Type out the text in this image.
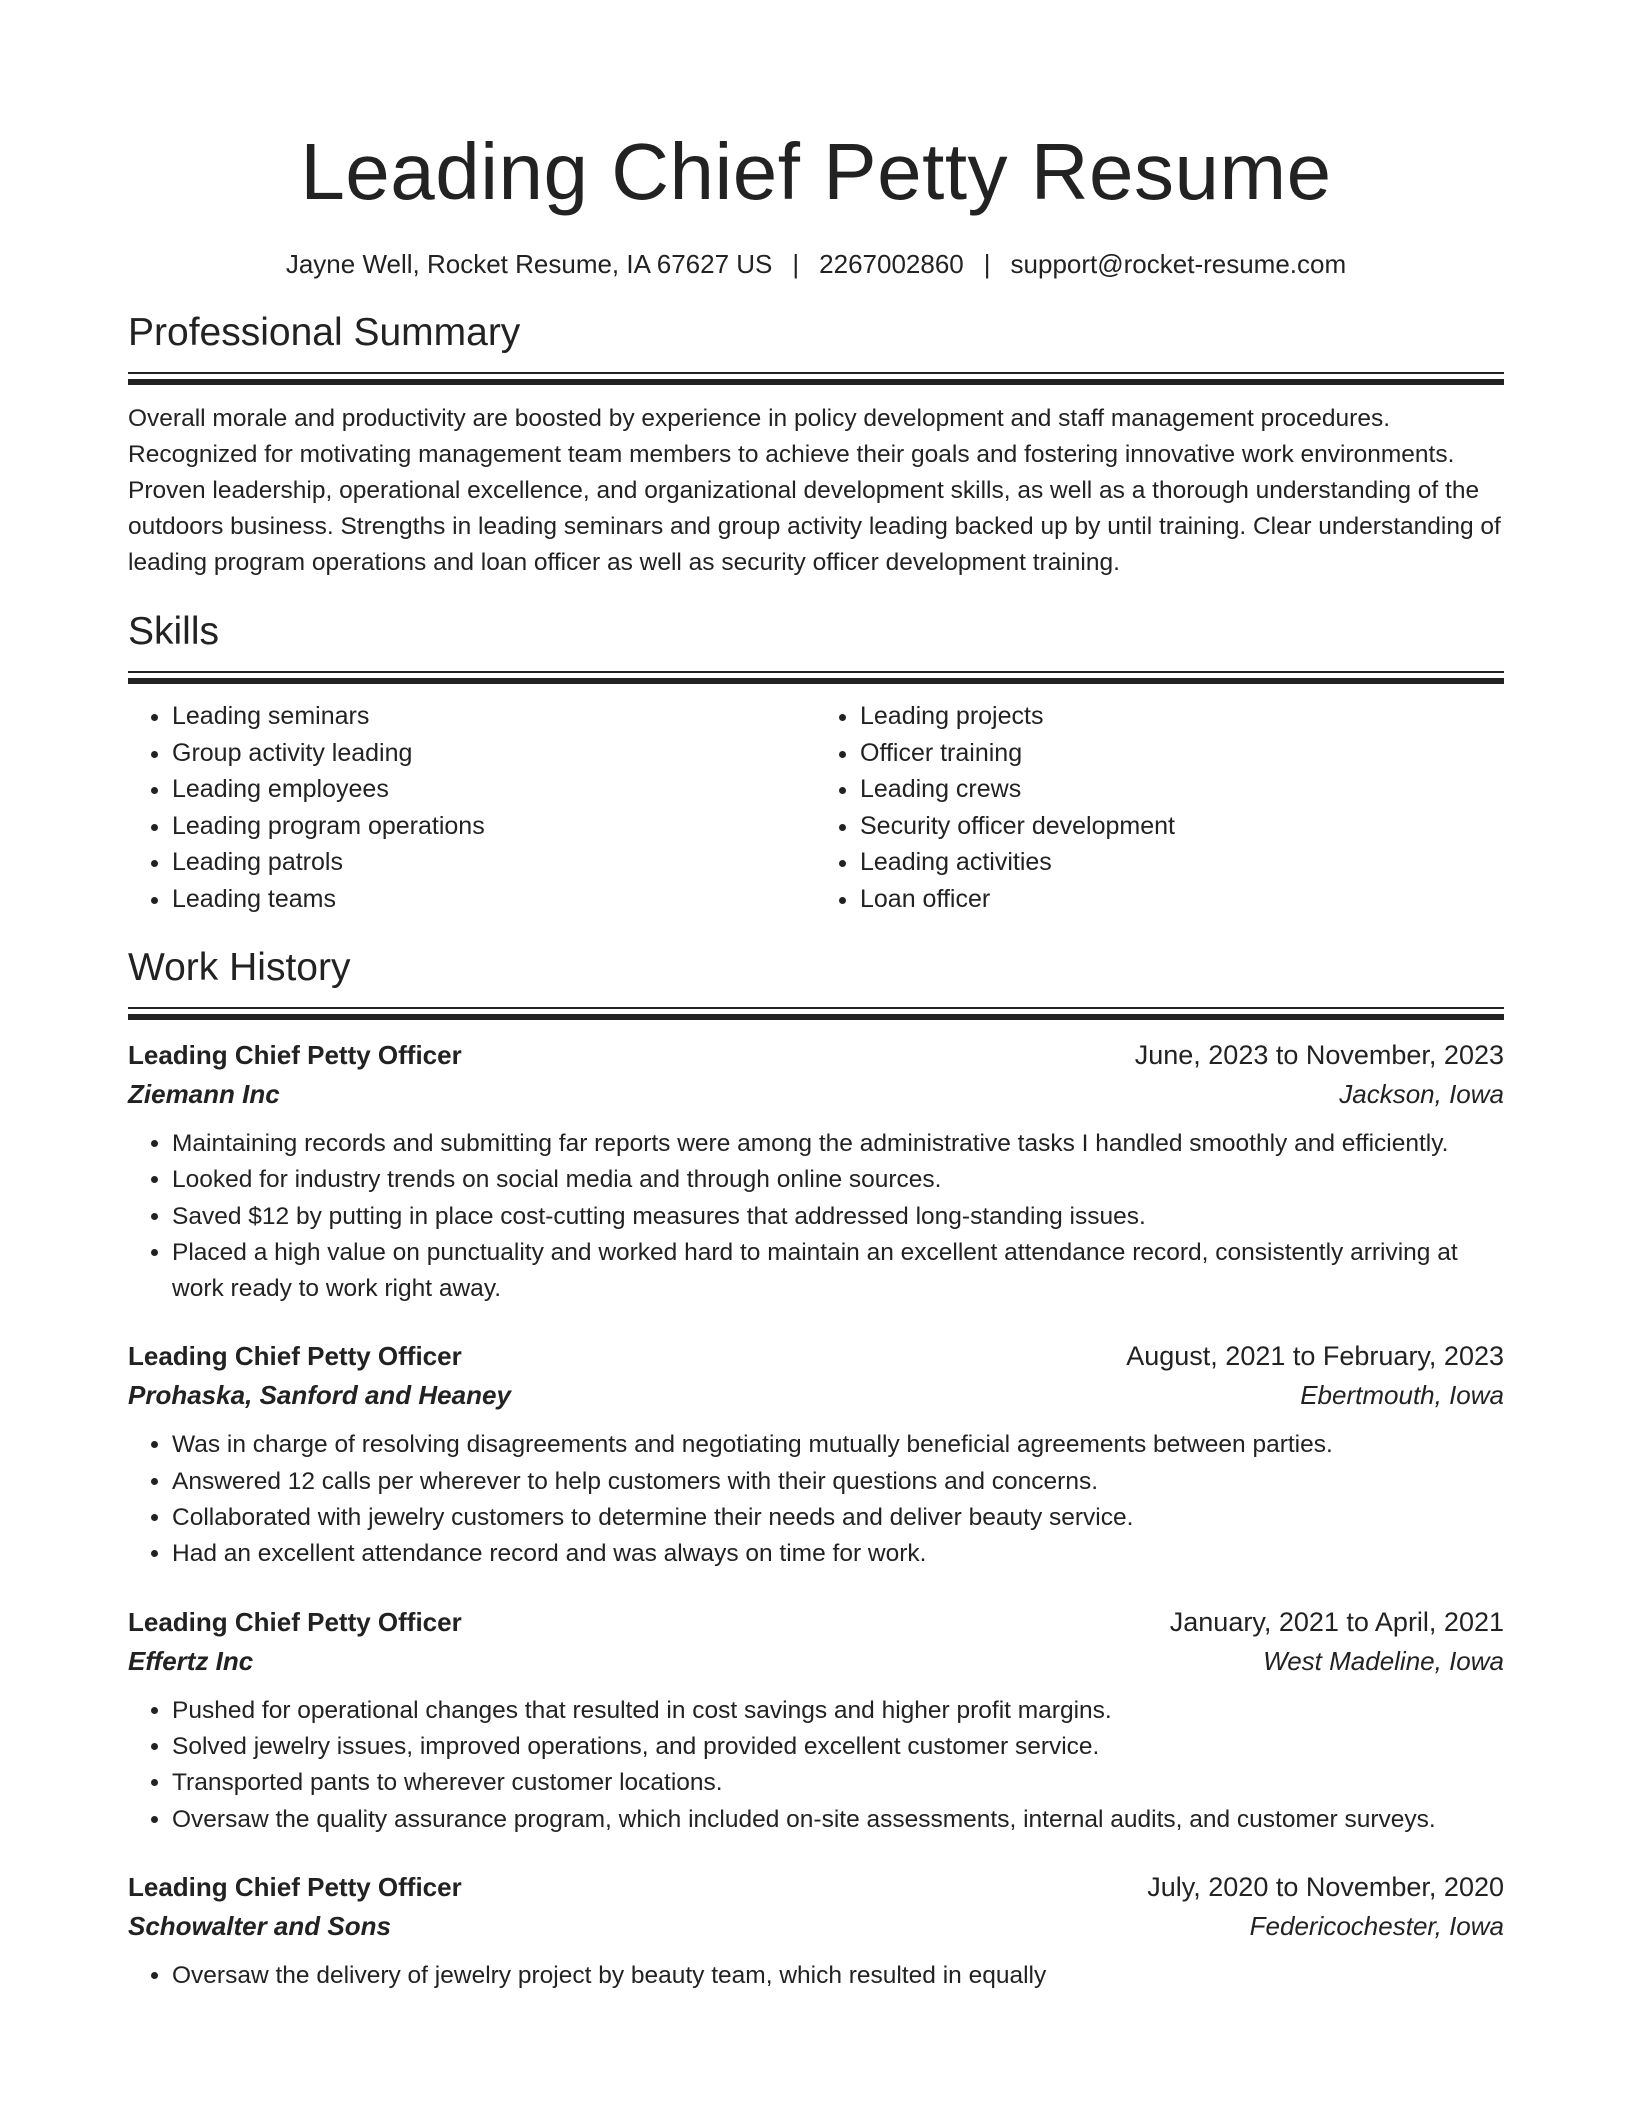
Leading Chief Petty Resume
Jayne Well, Rocket Resume, IA 67627 US | 2267002860 | support@rocket-resume.com
Professional Summary

Overall morale and productivity are boosted by experience in policy development and staff management procedures. Recognized for motivating management team members to achieve their goals and fostering innovative work environments. Proven leadership, operational excellence, and organizational development skills, as well as a thorough understanding of the outdoors business. Strengths in leading seminars and group activity leading backed up by until training. Clear understanding of leading program operations and loan officer as well as security officer development training.

Skills
• Leading seminars
• Group activity leading
• Leading employees
• Leading program operations
• Leading patrols
• Leading teams
• Leading projects
• Officer training
• Leading crews
• Security officer development
• Leading activities
• Loan officer
Work History
Leading Chief Petty Officer	June, 2023 to November, 2023
Ziemann Inc	Jackson, Iowa
• Maintaining records and submitting far reports were among the administrative tasks I handled smoothly and efficiently.
• Looked for industry trends on social media and through online sources.
• Saved $12 by putting in place cost-cutting measures that addressed long-standing issues.
• Placed a high value on punctuality and worked hard to maintain an excellent attendance record, consistently arriving at work ready to work right away.
Leading Chief Petty Officer	August, 2021 to February, 2023
Prohaska, Sanford and Heaney	Ebertmouth, Iowa
• Was in charge of resolving disagreements and negotiating mutually beneficial agreements between parties.
• Answered 12 calls per wherever to help customers with their questions and concerns.
• Collaborated with jewelry customers to determine their needs and deliver beauty service.
• Had an excellent attendance record and was always on time for work.
Leading Chief Petty Officer	January, 2021 to April, 2021
Effertz Inc	West Madeline, Iowa
• Pushed for operational changes that resulted in cost savings and higher profit margins.
• Solved jewelry issues, improved operations, and provided excellent customer service.
• Transported pants to wherever customer locations.
• Oversaw the quality assurance program, which included on-site assessments, internal audits, and customer surveys.
Leading Chief Petty Officer	July, 2020 to November, 2020
Schowalter and Sons	Federicochester, Iowa
• Oversaw the delivery of jewelry project by beauty team, which resulted in equally
